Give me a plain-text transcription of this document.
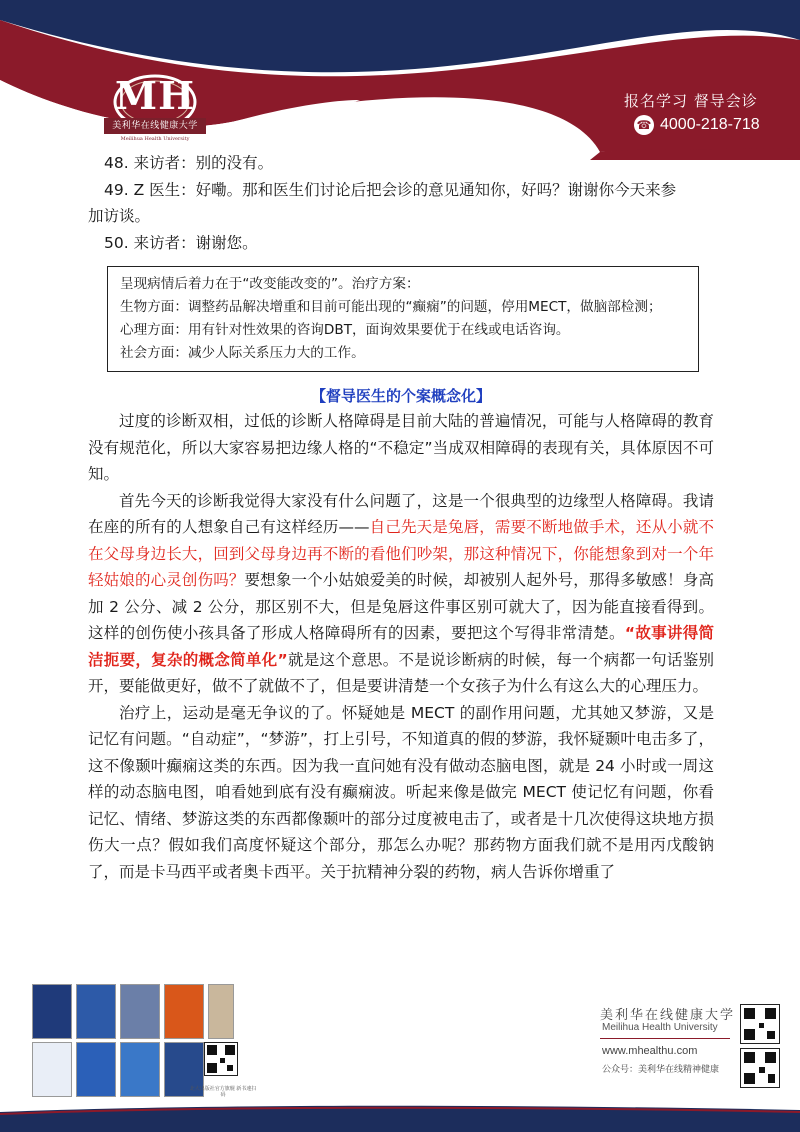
MH
美利华在线健康大学
Meilihua Health University
报名学习 督导会诊
☎ 4000-218-718
48. 来访者：别的没有。
49. Z 医生：好嘞。那和医生们讨论后把会诊的意见通知你，好吗？谢谢你今天来参
加访谈。
50. 来访者：谢谢您。
呈现病情后着力在于“改变能改变的”。治疗方案：
生物方面：调整药品解决增重和目前可能出现的“癫痫”的问题，停用MECT，做脑部检测；
心理方面：用有针对性效果的咨询DBT，面询效果要优于在线或电话咨询。
社会方面：减少人际关系压力大的工作。
【督导医生的个案概念化】
过度的诊断双相，过低的诊断人格障碍是目前大陆的普遍情况，可能与人格障碍的教育没有规范化，所以大家容易把边缘人格的“不稳定”当成双相障碍的表现有关，具体原因不可知。
首先今天的诊断我觉得大家没有什么问题了，这是一个很典型的边缘型人格障碍。我请在座的所有的人想象自己有这样经历——自己先天是兔唇，需要不断地做手术，还从小就不在父母身边长大，回到父母身边再不断的看他们吵架，那这种情况下，你能想象到对一个年轻姑娘的心灵创伤吗？要想象一个小姑娘爱美的时候，却被别人起外号，那得多敏感！身高加 2 公分、减 2 公分，那区别不大，但是兔唇这件事区别可就大了，因为能直接看得到。这样的创伤使小孩具备了形成人格障碍所有的因素，要把这个写得非常清楚。“故事讲得简洁扼要，复杂的概念简单化”就是这个意思。不是说诊断病的时候，每一个病都一句话鉴别开，要能做更好，做不了就做不了，但是要讲清楚一个女孩子为什么有这么大的心理压力。
治疗上，运动是毫无争议的了。怀疑她是 MECT 的副作用问题，尤其她又梦游，又是记忆有问题。“自动症”，“梦游”，打上引号，不知道真的假的梦游，我怀疑颞叶电击多了，这不像颞叶癫痫这类的东西。因为我一直问她有没有做动态脑电图，就是 24 小时或一周这样的动态脑电图，咱看她到底有没有癫痫波。听起来像是做完 MECT 使记忆有问题，你看记忆、情绪、梦游这类的东西都像颞叶的部分过度被电击了，或者是十几次使得这块地方损伤大一点？假如我们高度怀疑这个部分，那怎么办呢？那药物方面我们就不是用丙戊酸钠了，而是卡马西平或者奥卡西平。关于抗精神分裂的药物，病人告诉你增重了
北大出版社官方旗舰 新书速扫码
美利华在线健康大学
Meilihua Health University
www.mhealthu.com
公众号：美利华在线精神健康
